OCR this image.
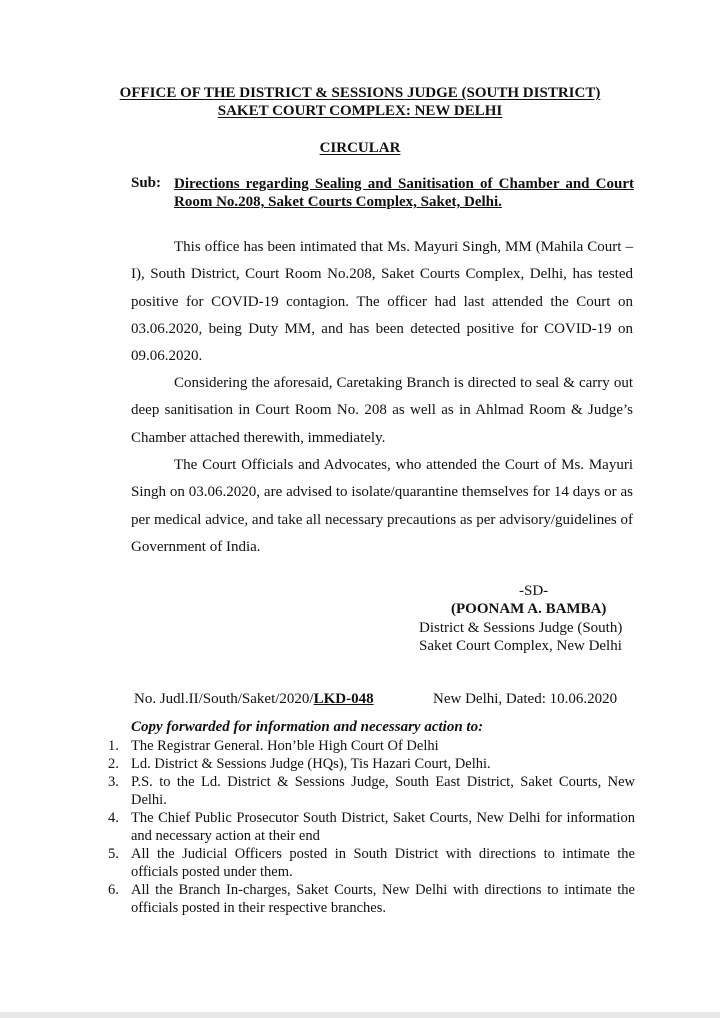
OFFICE OF THE DISTRICT & SESSIONS JUDGE (SOUTH DISTRICT)
SAKET COURT COMPLEX: NEW DELHI
CIRCULAR
Sub: Directions regarding Sealing and Sanitisation of Chamber and Court Room No.208, Saket Courts Complex, Saket, Delhi.

This office has been intimated that Ms. Mayuri Singh, MM (Mahila Court – I), South District, Court Room No.208, Saket Courts Complex, Delhi, has tested positive for COVID-19 contagion. The officer had last attended the Court on 03.06.2020, being Duty MM, and has been detected positive for COVID-19 on 09.06.2020.

Considering the aforesaid, Caretaking Branch is directed to seal & carry out deep sanitisation in Court Room No. 208 as well as in Ahlmad Room & Judge’s Chamber attached therewith, immediately.

The Court Officials and Advocates, who attended the Court of Ms. Mayuri Singh on 03.06.2020, are advised to isolate/quarantine themselves for 14 days or as per medical advice, and take all necessary precautions as per advisory/guidelines of Government of India.

-SD-
(POONAM A. BAMBA)
District & Sessions Judge (South)
Saket Court Complex, New Delhi
No. Judl.II/South/Saket/2020/LKD-048	New Delhi, Dated: 10.06.2020
Copy forwarded for information and necessary action to:
1. The Registrar General. Hon’ble High Court Of Delhi
2. Ld. District & Sessions Judge (HQs), Tis Hazari Court, Delhi.
3. P.S. to the Ld. District & Sessions Judge, South East District, Saket Courts, New Delhi.
4. The Chief Public Prosecutor South District, Saket Courts, New Delhi for information and necessary action at their end
5. All the Judicial Officers posted in South District with directions to intimate the officials posted under them.
6. All the Branch In-charges, Saket Courts, New Delhi with directions to intimate the officials posted in their respective branches.
